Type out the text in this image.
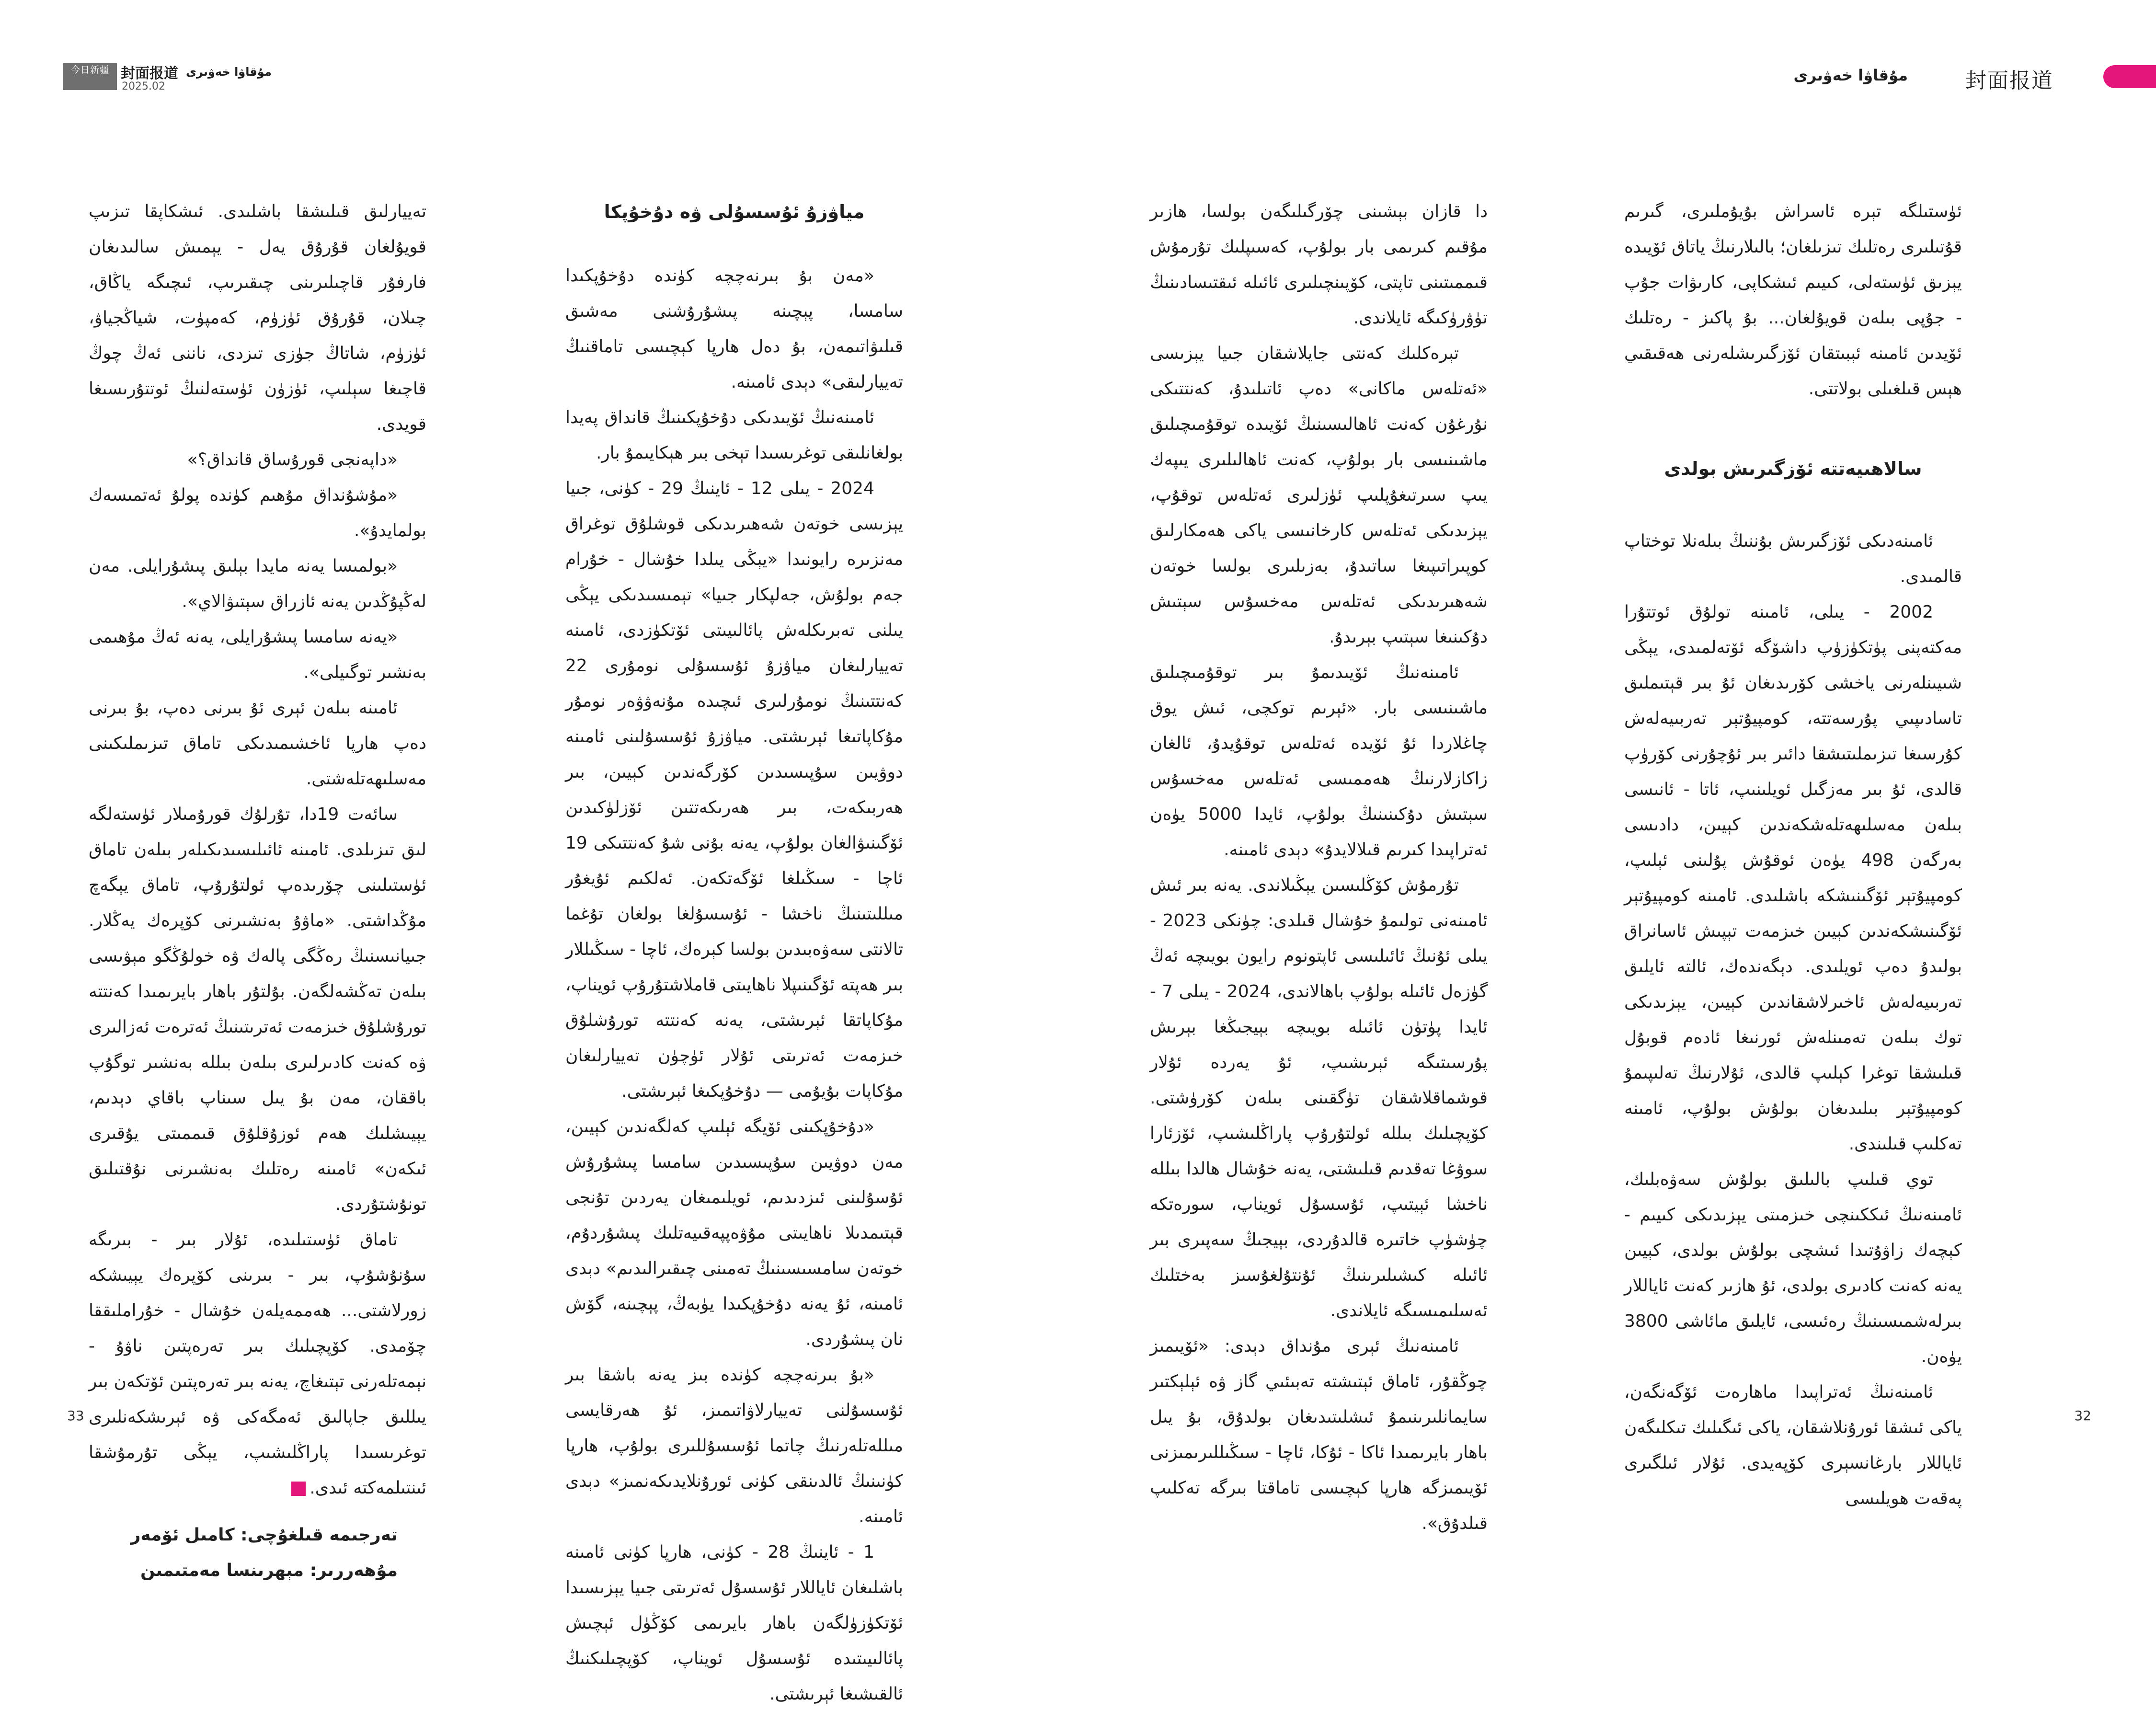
今日新疆 封面报道 مۇقاۋا خەۋىرى
2025.02	封面报道
مۇقاۋا خەۋىرى

ئۈستىلگە تېرە ئاسراش بۇيۇملىرى، گىرىم قۇتىلىرى رەتلىك تىزىلغان؛ بالىلارنىڭ ياتاق ئۆيىدە يېزىق ئۈستەلى، كىيىم ئىشكاپى، كارىۋات جۇپ - جۇپى بىلەن قويۇلغان... بۇ پاكىز - رەتلىك ئۆيدىن ئامىنە ئېبىتقان ئۆزگىرىشلەرنى ھەقىقىي ھېس قىلغىلى بولاتتى.

سالاھىيەتتە ئۆزگىرىش بولدى

ئامىنەدىكى ئۆزگىرىش بۇننىڭ بىلەنلا توختاپ قالمىدى.

2002 - يىلى، ئامىنە تولۇق ئوتتۇرا مەكتەپنى پۈتكۈزۈپ داشۆگە ئۆتەلمىدى، يېڭى شىيىنلەرنى ياخشى كۆرىدىغان ئۇ بىر قېتىملىق تاسادىپىي پۇرسەتتە، كومپيۇتېر تەربىيەلەش كۇرسىغا تىزىملىتىشقا دائىر بىر ئۇچۇرنى كۆرۈپ قالدى، ئۇ بىر مەزگىل ئويلىنىپ، ئاتا - ئانىسى بىلەن مەسلىھەتلەشكەندىن كېيىن، دادىسى بەرگەن 498 يۈەن ئوقۇش پۇلىنى ئېلىپ، كومپيۇتېر ئۆگىنىشكە باشلىدى. ئامىنە كومپيۇتېر ئۆگىنىشكەندىن كېيىن خىزمەت تېپىش ئاسانراق بولىدۇ دەپ ئويلىدى. دېگەندەك، ئالتە ئايلىق تەربىيەلەش ئاخىرلاشقاندىن كېيىن، يېزىدىكى توك بىلەن تەمىنلەش ئورنىغا ئادەم قوبۇل قىلىشقا توغرا كېلىپ قالدى، ئۇلارنىڭ تەلىپىمۇ كومپيۇتېر بىلىدىغان بولۇش بولۇپ، ئامىنە تەكلىپ قىلىندى.

توي قىلىپ بالىلىق بولۇش سەۋەبلىك، ئامىنەنىڭ ئىككىنچى خىزمىتى يېزىدىكى كىيىم - كېچەك زاۋۇتىدا ئىشچى بولۇش بولدى، كېيىن يەنە كەنت كادىرى بولدى، ئۇ ھازىر كەنت ئاياللار بىرلەشمىسىنىڭ رەئىسى، ئايلىق مائاشى 3800 يۈەن.

ئامىنەنىڭ ئەتراپىدا ماھارەت ئۆگەنگەن، ياكى ئىشقا ئورۇنلاشقان، ياكى ئىگىلىك تىكلىگەن ئاياللار بارغانسېرى كۆپەيدى. ئۇلار ئىلگىرى پەقەت ھويلىسى

دا قازان بېشىنى چۆرگىلىگەن بولسا، ھازىر مۇقىم كىرىمى بار بولۇپ، كەسىپلىك تۇرمۇش قىممىتىنى تاپتى، كۆپىنچىلىرى ئائىلە ئىقتىسادىنىڭ تۈۋرۈكىگە ئايلاندى.

تېرەكلىك كەنتى جايلاشقان جىيا يېزىسى «ئەتلەس ماكانى» دەپ ئاتىلىدۇ، كەنتتىكى نۇرغۇن كەنت ئاھالىسىنىڭ ئۆيىدە توقۇمىچىلىق ماشىنىسى بار بولۇپ، كەنت ئاھالىلىرى يىپەك يىپ سىرتىغۇپلىپ ئۈزلىرى ئەتلەس توقۇپ، يېزىدىكى ئەتلەس كارخانىسى ياكى ھەمكارلىق كوپىراتىپىغا ساتىدۇ، بەزىلىرى بولسا خوتەن شەھىرىدىكى ئەتلەس مەخسۇس سېتىش دۇكىنىغا سېتىپ بېرىدۇ.

ئامىنەنىڭ ئۆيىدىمۇ بىر توقۇمىچىلىق ماشىنىسى بار. «ئېرىم توكچى، ئىش يوق چاغلاردا ئۇ ئۆيدە ئەتلەس توقۇيدۇ، ئالغان زاكازلارنىڭ ھەممىسى ئەتلەس مەخسۇس سېتىش دۇكىنىنىڭ بولۇپ، ئايدا 5000 يۈەن ئەتراپىدا كىرىم قىلالايدۇ» دېدى ئامىنە.

تۇرمۇش كۆڭلىسىن يېڭىلاندى. يەنە بىر ئىش ئامىنەنى تولىمۇ خۇشال قىلدى: چۈنكى 2023 - يىلى ئۇنىڭ ئائىلىسى ئاپتونوم رايون بويىچە ئەڭ گۈزەل ئائىلە بولۇپ باھالاندى، 2024 - يىلى 7 - ئايدا پۈتۈن ئائىلە بويىچە بېيجىڭغا بېرىش پۇرسىتىگە ئېرىشىپ، ئۇ يەردە ئۇلار قوشماقلاشقان تۈگقىنى بىلەن كۆرۈشتى. كۆپچىلىك بىللە ئولتۇرۇپ پاراڭلىشىپ، ئۆزئارا سوۋغا تەقدىم قىلىشتى، يەنە خۇشال ھالدا بىللە ناخشا ئېيتىپ، ئۇسسۇل ئويناپ، سورەتكە چۈشۈپ خاتىرە قالدۇردى، بېيجىڭ سەپىرى بىر ئائىلە كىشىلىرىنىڭ ئۇنتۇلغۇسىز بەختلىك ئەسلىمىسىگە ئايلاندى.

ئامىنەنىڭ ئېرى مۇنداق دېدى: «ئۆيىمىز چوڭقۇر، ئاماق ئېتىشتە تەبىئىي گاز ۋە ئېلېكتىر سايمانلىرىنىمۇ ئىشلىتىدىغان بولدۇق، بۇ يىل باھار بايرىمىدا ئاكا - ئۇكا، ئاچا - سىڭىللىرىمىزنى ئۆيىمىزگە ھارپا كېچىسى تاماقتا بىرگە تەكلىپ قىلدۇق».

مياۋزۇ ئۇسسۇلى ۋە دۇخۇپكا

«مەن بۇ بىرنەچچە كۈندە دۇخۇپكىدا سامسا، پېچىنە پىشۇرۇشنى مەشىق قىلىۋاتىمەن، بۇ دەل ھارپا كېچىسى تاماقنىڭ تەييارلىقى» دېدى ئامىنە.

ئامىنەنىڭ ئۆيىدىكى دۇخۇپكىنىڭ قانداق پەيدا بولغانلىقى توغرىسىدا تېخى بىر ھېكايىمۇ بار.

2024 - يىلى 12 - ئاينىڭ 29 - كۈنى، جىيا يېزىسى خوتەن شەھىرىدىكى قوشلۇق توغراق مەنزىرە رايونىدا «يېڭى يىلدا خۇشال - خۇرام جەم بولۇش، جەلپكار جىيا» تېمىسىدىكى يېڭى يىلنى تەبرىكلەش پائالىيىتى ئۆتكۈزدى، ئامىنە تەييارلىغان مياۋزۇ ئۇسسۇلى نومۇرى 22 كەنتتىنىڭ نومۇرلىرى ئىچىدە مۇنەۋۋەر نومۇر مۇكاپاتىغا ئېرىشتى. مياۋزۇ ئۇسسۇلىنى ئامىنە دوۋيىن سۇپىسىدىن كۆرگەندىن كېيىن، بىر ھەربىكەت، بىر ھەرىكەتتىن ئۆزلۈكىدىن ئۆگىنىۋالغان بولۇپ، يەنە بۇنى شۇ كەنتتىكى 19 ئاچا - سىڭىلغا ئۆگەتكەن. ئەلكىم ئۇيغۇر مىللىتىنىڭ ناخشا - ئۇسسۇلغا بولغان تۇغما تالانتى سەۋەبىدىن بولسا كېرەك، ئاچا - سىڭىللار بىر ھەپتە ئۆگىنىپلا ناھايىتى قاملاشتۇرۇپ ئويناپ، مۇكاپاتقا ئېرىشتى، يەنە كەنتتە تورۇشلۇق خىزمەت ئەترىتى ئۇلار ئۈچۈن تەييارلىغان مۇكاپات بۇيۇمى — دۇخۇپكىغا ئېرىشتى.

«دۇخۇپكىنى ئۆيگە ئېلىپ كەلگەندىن كېيىن، مەن دوۋيىن سۇپىسىدىن سامسا پىشۇرۇش ئۇسۇلىنى ئىزدىدىم، ئويلىمىغان يەردىن تۇنجى قېتىمدىلا ناھايىتى مۇۋەپپەقىيەتلىك پىشۇردۇم، خوتەن سامسىسىنىڭ تەمىنى چىقىرالىدىم» دېدى ئامىنە، ئۇ يەنە دۇخۇپكىدا يۈبەڭ، پېچىنە، گۆش نان پىشۇردى.

«بۇ بىرنەچچە كۈندە بىز يەنە باشقا بىر ئۇسسۇلنى تەييارلاۋاتىمىز، ئۇ ھەرقايسى مىللەتلەرنىڭ چاتما ئۇسسۇللىرى بولۇپ، ھارپا كۈنىنىڭ ئالدىنقى كۈنى ئورۇنلايدىكەنمىز» دېدى ئامىنە.

1 - ئاينىڭ 28 - كۈنى، ھارپا كۈنى ئامىنە باشلىغان ئاياللار ئۇسسۇل ئەترىتى جىيا يېزىسىدا ئۆتكۈزۈلگەن باھار بايرىمى كۆڭۈل ئېچىش پائالىيىتىدە ئۇسسۇل ئويناپ، كۆپچىلىكنىڭ ئالقىشىغا ئېرىشتى.

تەييارلىق قىلىشقا باشلىدى. ئىشكاپقا تىزىپ قويۇلغان قۇرۇق يەل - يېمىش سالىدىغان فارفۇر قاچىلىرىنى چىقىرىپ، ئىچىگە ياڭاق، چىلان، قۇرۇق ئۈزۈم، كەمپۈت، شياڭجياۋ، ئۈزۈم، شاتاڭ جۈزى تىزدى، ناننى ئەڭ چوڭ قاچىغا سېلىپ، ئۈزۈن ئۈستەلنىڭ ئوتتۇرىسىغا قويدى.

«داپەنجى قورۇساق قانداق؟»

«مۇشۇنداق مۇھىم كۈندە پولۇ ئەتمىسەك بولمايدۇ».

«بولمىسا يەنە مايدا بېلىق پىشۇرايلى. مەن لەڭپۇڭدىن يەنە ئازراق سېتىۋالاي».

«يەنە سامسا پىشۇرايلى، يەنە ئەڭ مۇھىمى بەنشىر توگىيلى».

ئامىنە بىلەن ئېرى ئۇ بىرنى دەپ، بۇ بىرنى دەپ ھارپا ئاخشىمىدىكى تاماق تىزىملىكىنى مەسلىھەتلەشتى.

سائەت 19دا، تۇرلۇك قورۇمىلار ئۈستەلگە لىق تىزىلدى. ئامىنە ئائىلىسىدىكىلەر بىلەن تاماق ئۈستىلىنى چۆرىدەپ ئولتۇرۇپ، تاماق يېگەچ مۇڭداشتى. «ماۋۇ بەنشىرنى كۆپرەك يەڭلار. جىيانىسنىڭ رەڭگى پالەك ۋە خولۇڭگو مېۋىسى بىلەن تەڭشەلگەن. بۇلتۇر باھار بايرىمىدا كەنتتە تورۇشلۇق خىزمەت ئەترىتىنىڭ ئەترەت ئەزالىرى ۋە كەنت كادىرلىرى بىلەن بىللە بەنشىر توگۇپ باققان، مەن بۇ يىل سىناپ باقاي دېدىم، يېيىشلىك ھەم ئوزۇقلۇق قىممىتى يۇقىرى ئىكەن» ئامىنە رەتلىك بەنشىرنى نۇقتىلىق تونۇشتۇردى.

تاماق ئۈستىلىدە، ئۇلار بىر - بىرىگە سۇنۇشۇپ، بىر - بىرىنى كۆپرەك يېيىشكە زورلاشتى... ھەممەيلەن خۇشال - خۇراملىققا چۆمدى. كۆپچىلىك بىر تەرەپتىن ناۋۇ - نېمەتلەرنى تېتىغاچ، يەنە بىر تەرەپتىن ئۆتكەن بىر يىللىق جاپالىق ئەمگەكى ۋە ئېرىشكەنلىرى توغرىسىدا پاراڭلىشىپ، يېڭى تۇرمۇشقا ئىنتىلمەكتە ئىدى.J

تەرجىمە قىلغۇچى: كامىل ئۆمەر
مۇھەررىر: مېھرىنسا مەمتىمىن
33	32
